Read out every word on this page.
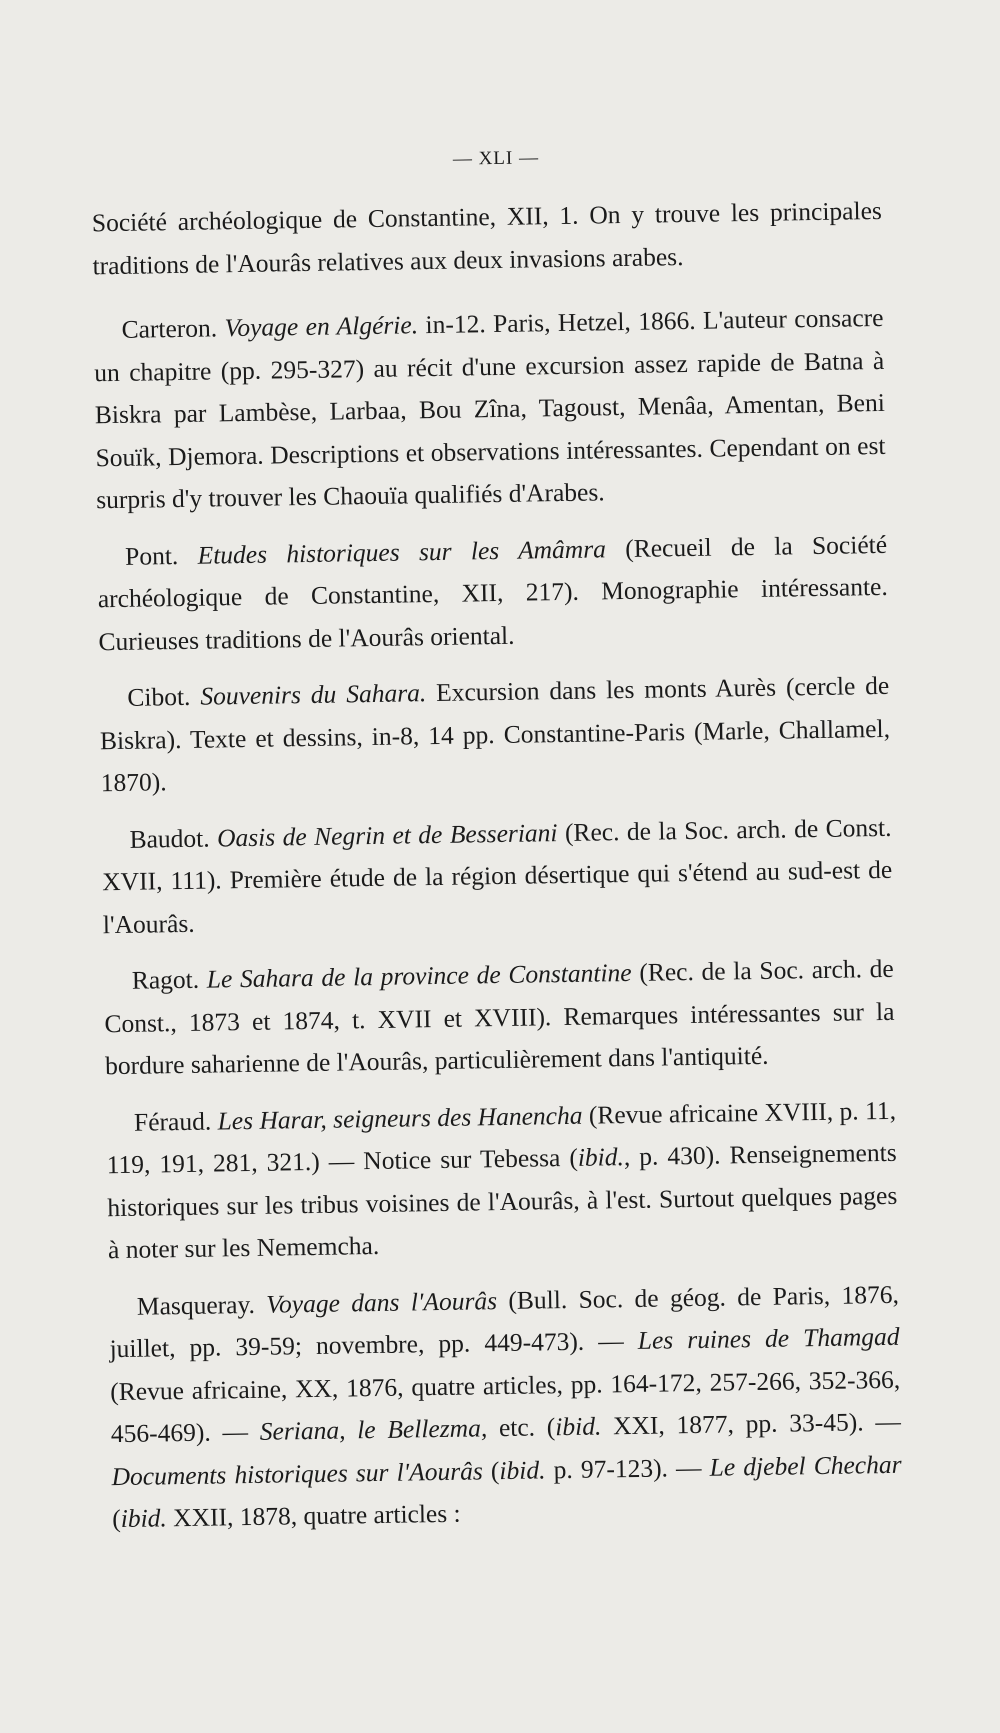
— XLI —

Société archéologique de Constantine, XII, 1. On y trouve les principales traditions de l'Aourâs relatives aux deux invasions arabes.

Carteron. Voyage en Algérie. in-12. Paris, Hetzel, 1866. L'auteur consacre un chapitre (pp. 295-327) au récit d'une excursion assez rapide de Batna à Biskra par Lambèse, Larbaa, Bou Zîna, Tagoust, Menâa, Amentan, Beni Souïk, Djemora. Descriptions et observations intéressantes. Cependant on est surpris d'y trouver les Chaouïa qualifiés d'Arabes.

Pont. Etudes historiques sur les Amâmra (Recueil de la Société archéologique de Constantine, XII, 217). Monographie intéressante. Curieuses traditions de l'Aourâs oriental.

Cibot. Souvenirs du Sahara. Excursion dans les monts Aurès (cercle de Biskra). Texte et dessins, in-8, 14 pp. Constantine-Paris (Marle, Challamel, 1870).

Baudot. Oasis de Negrin et de Besseriani (Rec. de la Soc. arch. de Const. XVII, 111). Première étude de la région désertique qui s'étend au sud-est de l'Aourâs.

Ragot. Le Sahara de la province de Constantine (Rec. de la Soc. arch. de Const., 1873 et 1874, t. XVII et XVIII). Remarques intéressantes sur la bordure saharienne de l'Aourâs, particulièrement dans l'antiquité.

Féraud. Les Harar, seigneurs des Hanencha (Revue africaine XVIII, p. 11, 119, 191, 281, 321.) — Notice sur Tebessa (ibid., p. 430). Renseignements historiques sur les tribus voisines de l'Aourâs, à l'est. Surtout quelques pages à noter sur les Nememcha.

Masqueray. Voyage dans l'Aourâs (Bull. Soc. de géog. de Paris, 1876, juillet, pp. 39-59; novembre, pp. 449-473). — Les ruines de Thamgad (Revue africaine, XX, 1876, quatre articles, pp. 164-172, 257-266, 352-366, 456-469). — Seriana, le Bellezma, etc. (ibid. XXI, 1877, pp. 33-45). — Documents historiques sur l'Aourâs (ibid. p. 97-123). — Le djebel Chechar (ibid. XXII, 1878, quatre articles :
